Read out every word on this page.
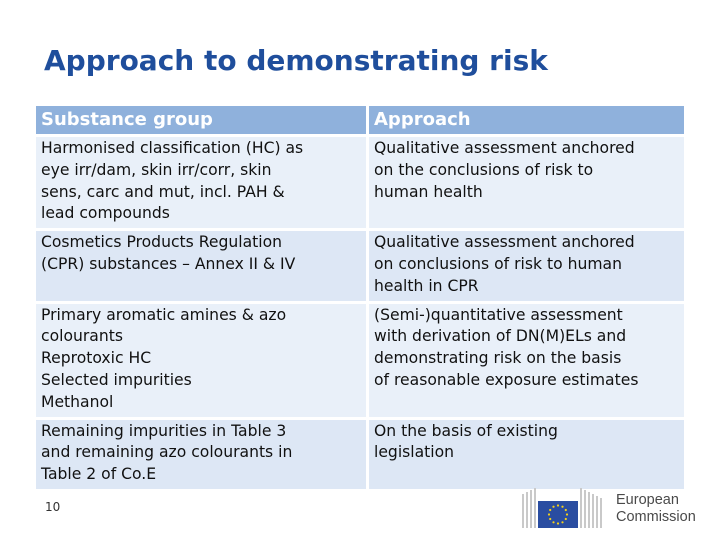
Approach to demonstrating risk
Substance group	Approach
Harmonised classification (HC) as
eye irr/dam, skin irr/corr, skin
sens, carc and mut, incl. PAH &
lead compounds
Qualitative assessment anchored
on the conclusions of risk to
human health
Cosmetics Products Regulation
(CPR) substances – Annex II & IV
Qualitative assessment anchored
on conclusions of risk to human
health in CPR
Primary aromatic amines & azo
colourants
Reprotoxic HC
Selected impurities
Methanol
(Semi-)quantitative assessment
with derivation of DN(M)ELs and
demonstrating risk on the basis
of reasonable exposure estimates
Remaining impurities in Table 3
and remaining azo colourants in
Table 2 of Co.E
On the basis of existing
legislation
10	European
Commission
